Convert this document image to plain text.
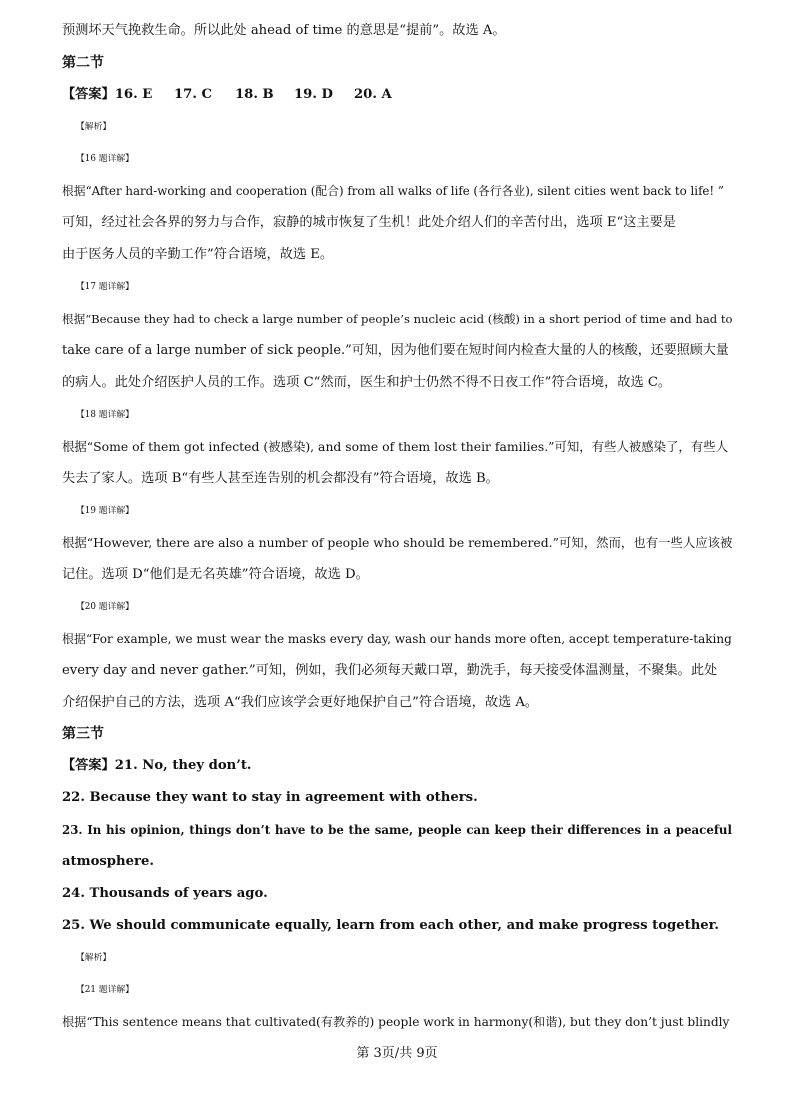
预测坏天气挽救生命。所以此处 ahead of time 的意思是“提前”。故选 A。
第二节
【答案】16. E 17. C 18. B 19. D 20. A
【解析】
【16 题详解】
根据“After hard-working and cooperation (配合) from all walks of life (各行各业), silent cities went back to life! ”
可知，经过社会各界的努力与合作，寂静的城市恢复了生机！此处介绍人们的辛苦付出，选项 E“这主要是
由于医务人员的辛勤工作”符合语境，故选 E。
【17 题详解】
根据“Because they had to check a large number of people’s nucleic acid (核酸) in a short period of time and had to
take care of a large number of sick people.”可知，因为他们要在短时间内检查大量的人的核酸，还要照顾大量
的病人。此处介绍医护人员的工作。选项 C“然而，医生和护士仍然不得不日夜工作”符合语境，故选 C。
【18 题详解】
根据“Some of them got infected (被感染), and some of them lost their families.”可知，有些人被感染了，有些人
失去了家人。选项 B“有些人甚至连告别的机会都没有”符合语境，故选 B。
【19 题详解】
根据“However, there are also a number of people who should be remembered.”可知，然而，也有一些人应该被
记住。选项 D“他们是无名英雄”符合语境，故选 D。
【20 题详解】
根据“For example, we must wear the masks every day, wash our hands more often, accept temperature-taking
every day and never gather.”可知，例如，我们必须每天戴口罩，勤洗手，每天接受体温测量，不聚集。此处
介绍保护自己的方法，选项 A“我们应该学会更好地保护自己”符合语境，故选 A。
第三节
【答案】21. No, they don’t.
22. Because they want to stay in agreement with others.
23. In his opinion, things don’t have to be the same, people can keep their differences in a peaceful
atmosphere.
24. Thousands of years ago.
25. We should communicate equally, learn from each other, and make progress together.
【解析】
【21 题详解】
根据“This sentence means that cultivated(有教养的) people work in harmony(和谐), but they don’t just blindly
第 3页/共 9页
